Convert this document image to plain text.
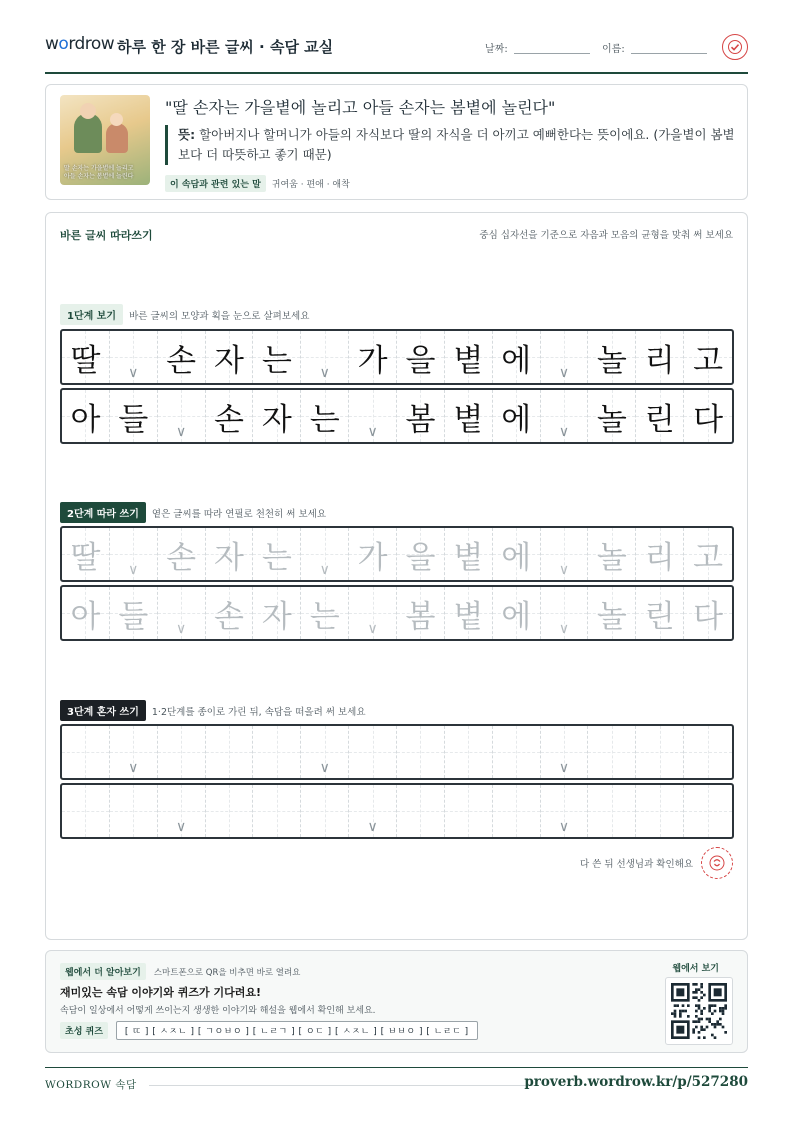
wordrow 하루 한 장 바른 글씨 · 속담 교실	날짜:	이름:
딸 손자는 가을볕에 놀리고
아들 손자는 봄볕에 놀린다
"딸 손자는 가을볕에 놀리고 아들 손자는 봄볕에 놀린다"
뜻: 할아버지나 할머니가 아들의 자식보다 딸의 자식을 더 아끼고 예뻐한다는 뜻이에요. (가을볕이 봄볕보다 더 따뜻하고 좋기 때문)
이 속담과 관련 있는 말	귀여움 · 편애 · 애착
바른 글씨 따라쓰기	중심 십자선을 기준으로 자음과 모음의 균형을 맞춰 써 보세요
1단계 보기	바른 글씨의 모양과 획을 눈으로 살펴보세요
딸 ∨ 손 자 는 ∨ 가 을 볕 에 ∨ 놀 리 고
아 들 ∨ 손 자 는 ∨ 봄 볕 에 ∨ 놀 린 다
2단계 따라 쓰기	옅은 글씨를 따라 연필로 천천히 써 보세요
딸 ∨ 손 자 는 ∨ 가 을 볕 에 ∨ 놀 리 고
아 들 ∨ 손 자 는 ∨ 봄 볕 에 ∨ 놀 린 다
3단계 혼자 쓰기	1·2단계를 종이로 가린 뒤, 속담을 떠올려 써 보세요
∨	∨	∨
∨	∨	∨
다 쓴 뒤 선생님과 확인해요
웹에서 더 알아보기	스마트폰으로 QR을 비추면 바로 열려요
재미있는 속담 이야기와 퀴즈가 기다려요!
속담이 일상에서 어떻게 쓰이는지 생생한 이야기와 해설을 웹에서 확인해 보세요.
초성 퀴즈	[ ㄸ ] [ ㅅㅈㄴ ] [ ㄱㅇㅂㅇ ] [ ㄴㄹㄱ ] [ ㅇㄷ ] [ ㅅㅈㄴ ] [ ㅂㅂㅇ ] [ ㄴㄹㄷ ]
웹에서 보기
WORDROW 속담	proverb.wordrow.kr/p/527280
